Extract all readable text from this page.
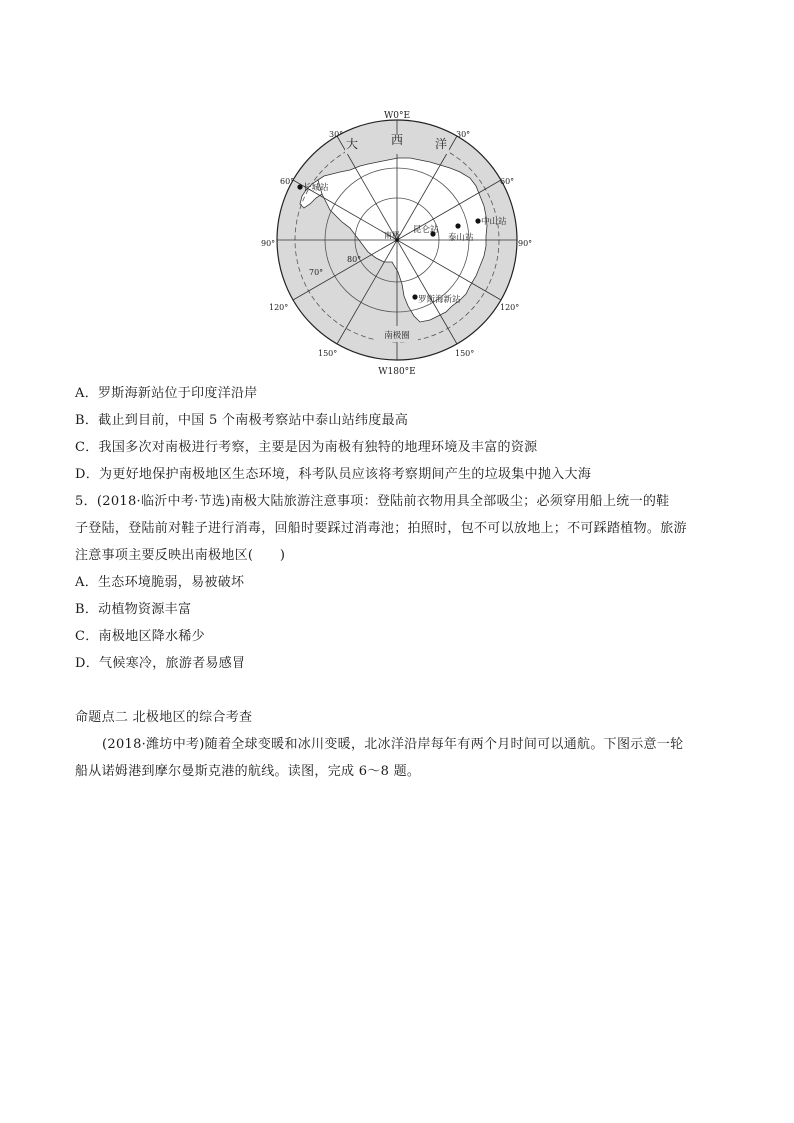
W0°E
W180°E
大	西	洋
30°	30°
60°	60°
90°	90°
120°	120°
150°	150°
70°
80°
南极
长城站
昆仑站
中山站
泰山站
罗斯海新站
南极圈
A．罗斯海新站位于印度洋沿岸
B．截止到目前，中国 5 个南极考察站中泰山站纬度最高
C．我国多次对南极进行考察，主要是因为南极有独特的地理环境及丰富的资源
D．为更好地保护南极地区生态环境，科考队员应该将考察期间产生的垃圾集中抛入大海
5．(2018·临沂中考·节选)南极大陆旅游注意事项：登陆前衣物用具全部吸尘；必须穿用船上统一的鞋
子登陆，登陆前对鞋子进行消毒，回船时要踩过消毒池；拍照时，包不可以放地上；不可踩踏植物。旅游
注意事项主要反映出南极地区(　　)
A．生态环境脆弱，易被破坏
B．动植物资源丰富
C．南极地区降水稀少
D．气候寒冷，旅游者易感冒
命题点二 北极地区的综合考查
(2018·潍坊中考)随着全球变暖和冰川变暖，北冰洋沿岸每年有两个月时间可以通航。下图示意一轮
船从诺姆港到摩尔曼斯克港的航线。读图，完成 6～8 题。
